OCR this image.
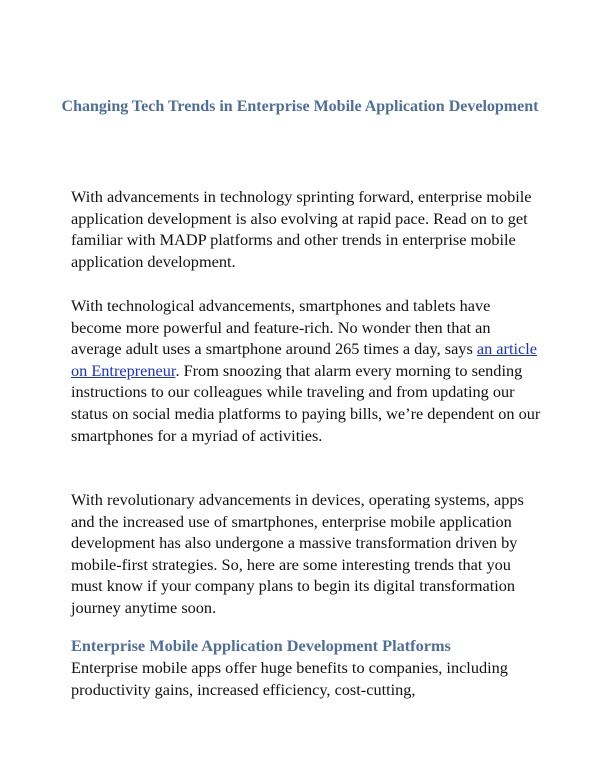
Changing Tech Trends in Enterprise Mobile Application Development

With advancements in technology sprinting forward, enterprise mobile application development is also evolving at rapid pace. Read on to get familiar with MADP platforms and other trends in enterprise mobile application development.

With technological advancements, smartphones and tablets have become more powerful and feature-rich. No wonder then that an average adult uses a smartphone around 265 times a day, says an article on Entrepreneur. From snoozing that alarm every morning to sending instructions to our colleagues while traveling and from updating our status on social media platforms to paying bills, we’re dependent on our smartphones for a myriad of activities.

With revolutionary advancements in devices, operating systems, apps and the increased use of smartphones, enterprise mobile application development has also undergone a massive transformation driven by mobile-first strategies. So, here are some interesting trends that you must know if your company plans to begin its digital transformation journey anytime soon.

Enterprise Mobile Application Development Platforms

Enterprise mobile apps offer huge benefits to companies, including productivity gains, increased efficiency, cost-cutting,
